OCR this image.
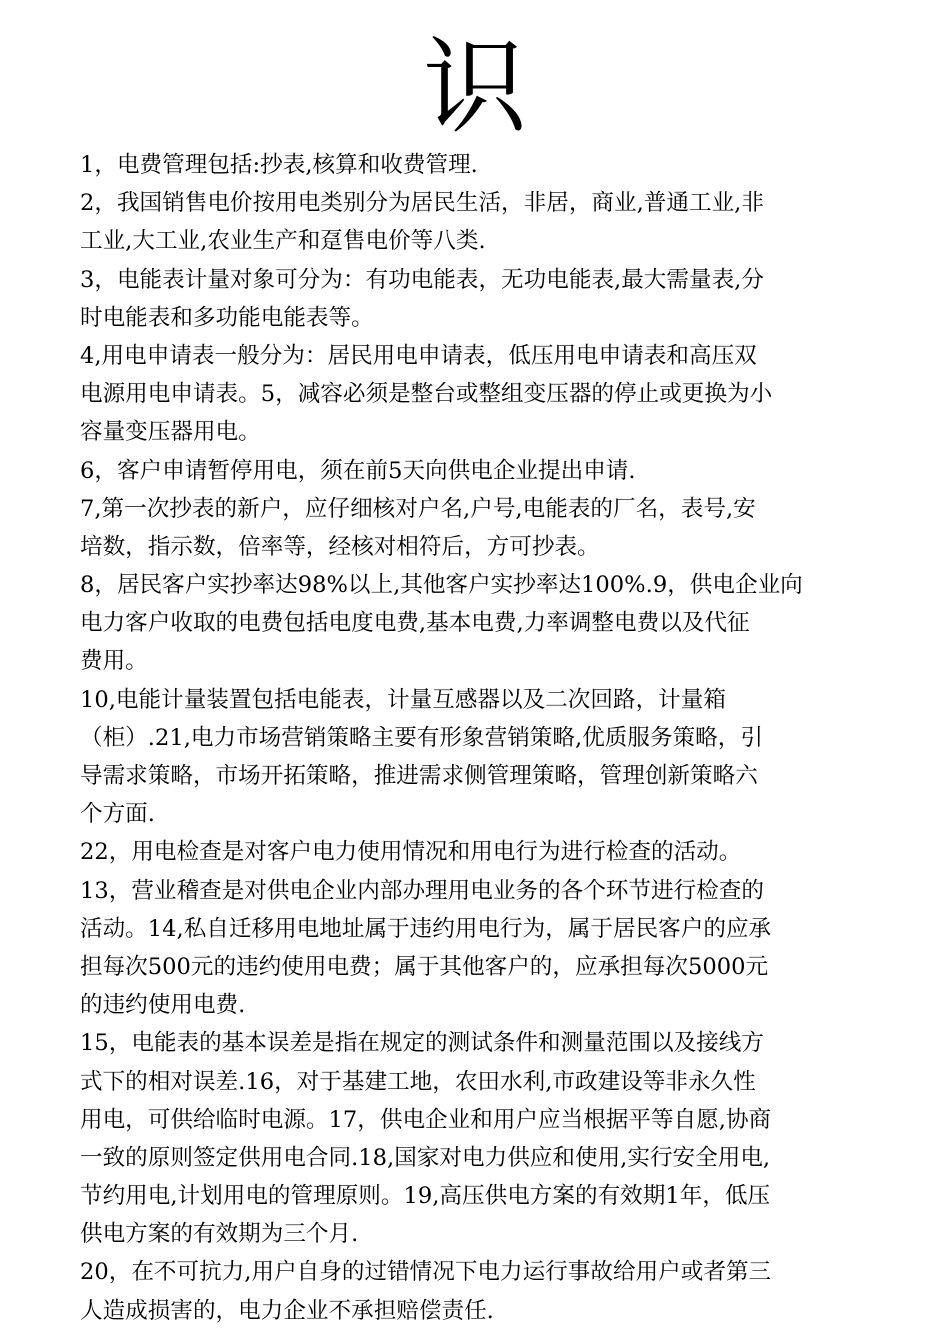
识

1，电费管理包括:抄表,核算和收费管理.

2，我国销售电价按用电类别分为居民生活，非居，商业,普通工业,非
工业,大工业,农业生产和趸售电价等八类.

3，电能表计量对象可分为：有功电能表，无功电能表,最大需量表,分
时电能表和多功能电能表等。

4,用电申请表一般分为：居民用电申请表，低压用电申请表和高压双
电源用电申请表。5，减容必须是整台或整组变压器的停止或更换为小
容量变压器用电。

6，客户申请暂停用电，须在前5天向供电企业提出申请.

7,第一次抄表的新户，应仔细核对户名,户号,电能表的厂名，表号,安
培数，指示数，倍率等，经核对相符后，方可抄表。

8，居民客户实抄率达98%以上,其他客户实抄率达100%.9，供电企业向
电力客户收取的电费包括电度电费,基本电费,力率调整电费以及代征
费用。

10,电能计量装置包括电能表，计量互感器以及二次回路，计量箱
（柜）.21,电力市场营销策略主要有形象营销策略,优质服务策略，引
导需求策略，市场开拓策略，推进需求侧管理策略，管理创新策略六
个方面.

22，用电检查是对客户电力使用情况和用电行为进行检查的活动。

13，营业稽查是对供电企业内部办理用电业务的各个环节进行检查的
活动。14,私自迁移用电地址属于违约用电行为，属于居民客户的应承
担每次500元的违约使用电费；属于其他客户的，应承担每次5000元
的违约使用电费.

15，电能表的基本误差是指在规定的测试条件和测量范围以及接线方
式下的相对误差.16，对于基建工地，农田水利,市政建设等非永久性
用电，可供给临时电源。17，供电企业和用户应当根据平等自愿,协商
一致的原则签定供用电合同.18,国家对电力供应和使用,实行安全用电,
节约用电,计划用电的管理原则。19,高压供电方案的有效期1年，低压
供电方案的有效期为三个月.

20，在不可抗力,用户自身的过错情况下电力运行事故给用户或者第三
人造成损害的，电力企业不承担赔偿责任.
